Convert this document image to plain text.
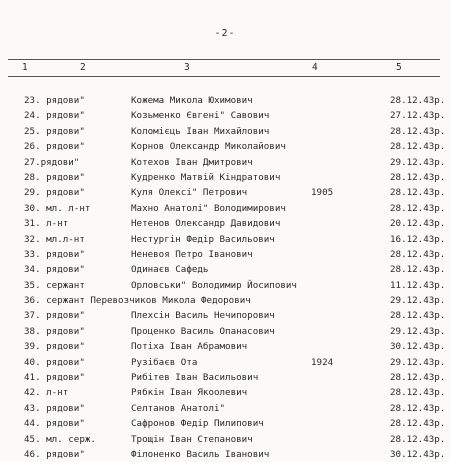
-2-
1	2	3	4	5
23. рядови"	Кожема Микола Юхимович	28.12.43р.
24. рядови"	Козьменко Євгені" Савович	27.12.43р.
25. рядови"	Коломієць Іван Михайлович	28.12.43р.
26. рядови"	Корнов Олександр Миколайович	28.12.43р.
27.рядови"	Котехов Іван Дмитрович	29.12.43р.
28. рядови"	Кудренко Матвій Кіндратович	28.12.43р.
29. рядови"	Куля Олексі" Петрович	1905	28.12.43р.
30. мл. л-нт	Махно Анатолі" Володимирович	28.12.43р.
31. л-нт	Нетенов Олександр Давидович	20.12.43р.
32. мл.л-нт	Нестургін Федір Васильович	16.12.43р.
33. рядови"	Неневоя Петро Іванович	28.12.43р.
34. рядови"	Одинаєв Сафедь	28.12.43р.
35. сержант	Орловськи" Володимир Йосипович	11.12.43р.
36. сержант Перевозчиков Микола Федорович	29.12.43р.
37. рядови"	Плехсін Василь Нечипорович	28.12.43р.
38. рядови"	Проценко Василь Опанасович	29.12.43р.
39. рядови"	Потіха Іван Абрамович	30.12.43р.
40. рядови"	Рузібаєв Ота	1924	29.12.43р.
41. рядови"	Рибітев Іван Васильович	28.12.43р.
42. л-нт	Рябкін Іван Якоолевич	28.12.43р.
43. рядови"	Селтанов Анатолі"	28.12.43р.
44. рядови"	Сафронов Федір Пилипович	28.12.43р.
45. мл. серж.	Трощін Іван Степанович	28.12.43р.
46. рядови"	Філоненко Василь Іванович	30.12.43р.
